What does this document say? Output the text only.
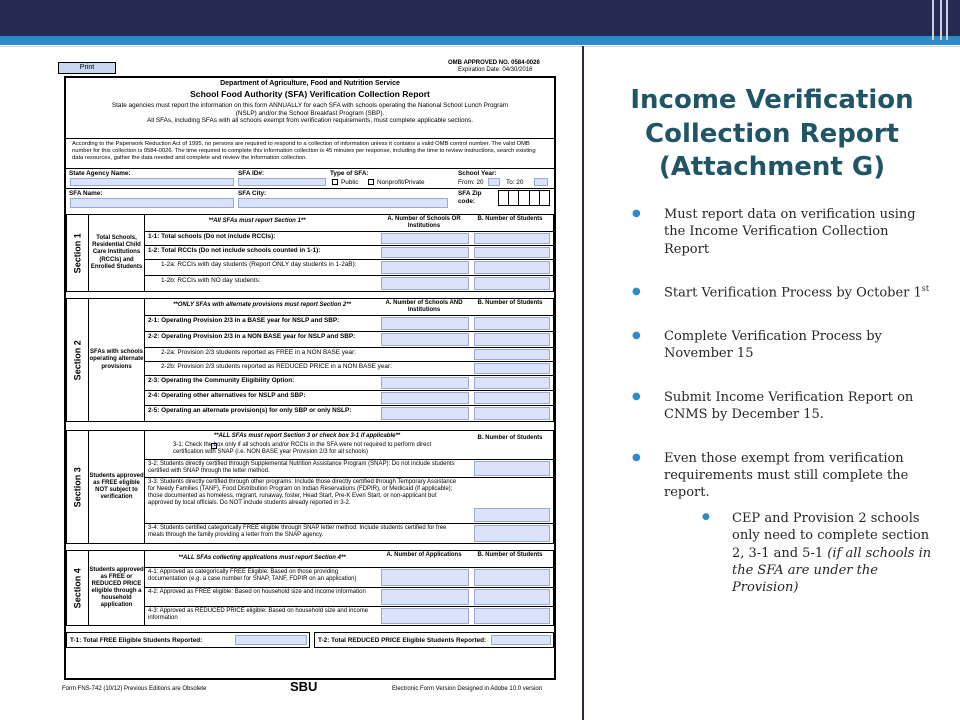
Print
OMB APPROVED NO. 0584-0026
Expiration Date: 04/30/2016
Department of Agriculture, Food and Nutrition Service
School Food Authority (SFA) Verification Collection Report
State agencies must report the information on this form ANNUALLY for each SFA with schools operating the National School Lunch Program (NSLP) and/or the School Breakfast Program (SBP).
All SFAs, including SFAs with all schools exempt from verification requirements, must complete applicable sections.
According to the Paperwork Reduction Act of 1995, no persons are required to respond to a collection of information unless it contains a valid OMB control number. The valid OMB number for this collection is 0584-0026. The time required to complete this information collection is 45 minutes per response, including the time to review instructions, search existing data resources, gather the data needed and complete and review the information collection.
State Agency Name:	SFA ID#:	Type of SFA:
Public	Nonprofit/Private
School Year:
From: 20	To: 20
SFA Name:	SFA City:	SFA Zip code:
Section 1	Total Schools, Residential Child Care Institutions (RCCIs) and Enrolled Students
**All SFAs must report Section 1**	A. Number of Schools OR Institutions
B. Number of Students
1-1: Total schools (Do not include RCCIs):
1-2: Total RCCIs (Do not include schools counted in 1-1):
1-2a: RCCIs with day students (Report ONLY day students in 1-2aB):
1-2b: RCCIs with NO day students:
Section 2 SFAs with schools operating alternate provisions
**ONLY SFAs with alternate provisions must report Section 2**	A. Number of Schools AND Institutions
B. Number of Students
2-1: Operating Provision 2/3 in a BASE year for NSLP and SBP:
2-2: Operating Provision 2/3 in a NON BASE year for NSLP and SBP:
2-2a: Provision 2/3 students reported as FREE in a NON BASE year:
2-2b: Provision 2/3 students reported as REDUCED PRICE in a NON BASE year:
2-3: Operating the Community Eligibility Option:
2-4: Operating other alternatives for NSLP and SBP:
2-5: Operating an alternate provision(s) for only SBP or only NSLP:
Section 3 Students approved as FREE eligible NOT subject to verification
**ALL SFAs must report Section 3 or check box 3-1 if applicable**	B. Number of Students
3-1: Check the box only if all schools and/or RCCIs in the SFA were not required to perform direct certification with SNAP (i.e. NON BASE year Provision 2/3 for all schools)
3-2: Students directly certified through Supplemental Nutrition Assistance Program (SNAP): Do not include students certified with SNAP through the letter method.
3-3: Students directly certified through other programs: Include those directly certified through Temporary Assistance for Needy Families (TANF), Food Distribution Program on Indian Reservations (FDPIR), or Medicaid (if applicable); those documented as homeless, migrant, runaway, foster, Head Start, Pre-K Even Start, or non-applicant but approved by local officials. Do NOT include students already reported in 3-2.
3-4: Students certified categorically FREE eligible through SNAP letter method: Include students certified for free meals through the family providing a letter from the SNAP agency.
Section 4 Students approved as FREE or REDUCED PRICE eligible through a household application
**ALL SFAs collecting applications must report Section 4**	A. Number of Applications	B. Number of Students
4-1: Approved as categorically FREE Eligible: Based on those providing documentation (e.g. a case number for SNAP, TANF, FDPIR on an application)
4-2: Approved as FREE eligible: Based on household size and income information
4-3: Approved as REDUCED PRICE eligible: Based on household size and income information
T-1: Total FREE Eligible Students Reported:	T-2: Total REDUCED PRICE Eligible Students Reported:
Form FNS-742 (10/12) Previous Editions are Obsolete	SBU	Electronic Form Version Designed in Adobe 10.0 version
Income Verification Collection Report (Attachment G)
● Must report data on verification using the Income Verification Collection Report
● Start Verification Process by October 1st
● Complete Verification Process by November 15
● Submit Income Verification Report on CNMS by December 15.
● Even those exempt from verification requirements must still complete the report.
● CEP and Provision 2 schools only need to complete section 2, 3-1 and 5-1 (if all schools in the SFA are under the Provision)
